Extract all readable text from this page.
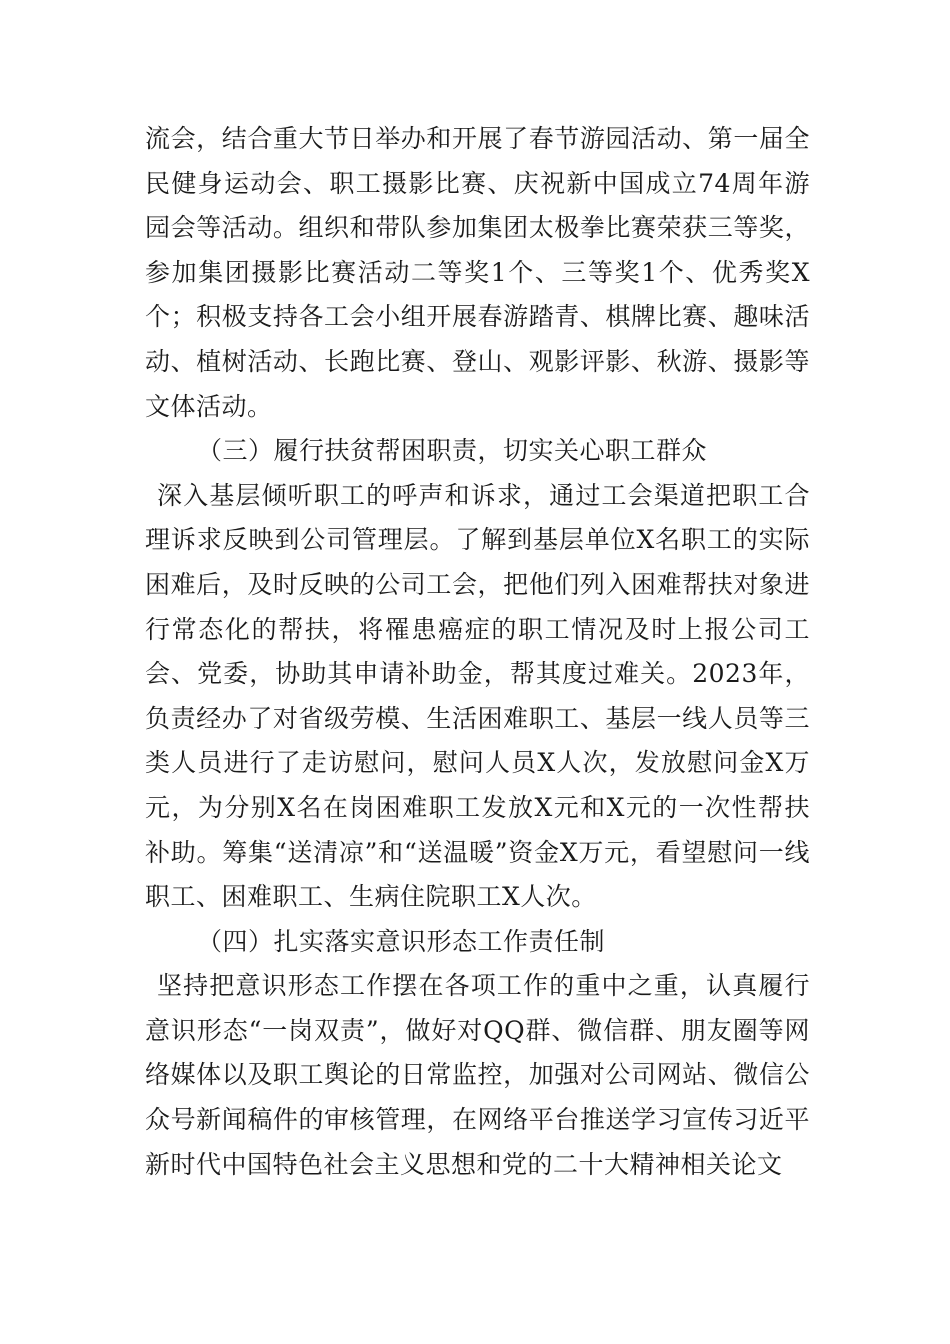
流会，结合重大节日举办和开展了春节游园活动、第一届全民健身运动会、职工摄影比赛、庆祝新中国成立74周年游园会等活动。组织和带队参加集团太极拳比赛荣获三等奖，参加集团摄影比赛活动二等奖1个、三等奖1个、优秀奖X个；积极支持各工会小组开展春游踏青、棋牌比赛、趣味活动、植树活动、长跑比赛、登山、观影评影、秋游、摄影等文体活动。

（三）履行扶贫帮困职责，切实关心职工群众

深入基层倾听职工的呼声和诉求，通过工会渠道把职工合理诉求反映到公司管理层。了解到基层单位X名职工的实际困难后，及时反映的公司工会，把他们列入困难帮扶对象进行常态化的帮扶，将罹患癌症的职工情况及时上报公司工会、党委，协助其申请补助金，帮其度过难关。2023年，负责经办了对省级劳模、生活困难职工、基层一线人员等三类人员进行了走访慰问，慰问人员X人次，发放慰问金X万元，为分别X名在岗困难职工发放X元和X元的一次性帮扶补助。筹集“送清凉”和“送温暖”资金X万元，看望慰问一线职工、困难职工、生病住院职工X人次。

（四）扎实落实意识形态工作责任制

坚持把意识形态工作摆在各项工作的重中之重，认真履行意识形态“一岗双责”，做好对QQ群、微信群、朋友圈等网络媒体以及职工舆论的日常监控，加强对公司网站、微信公众号新闻稿件的审核管理，在网络平台推送学习宣传习近平新时代中国特色社会主义思想和党的二十大精神相关论文
